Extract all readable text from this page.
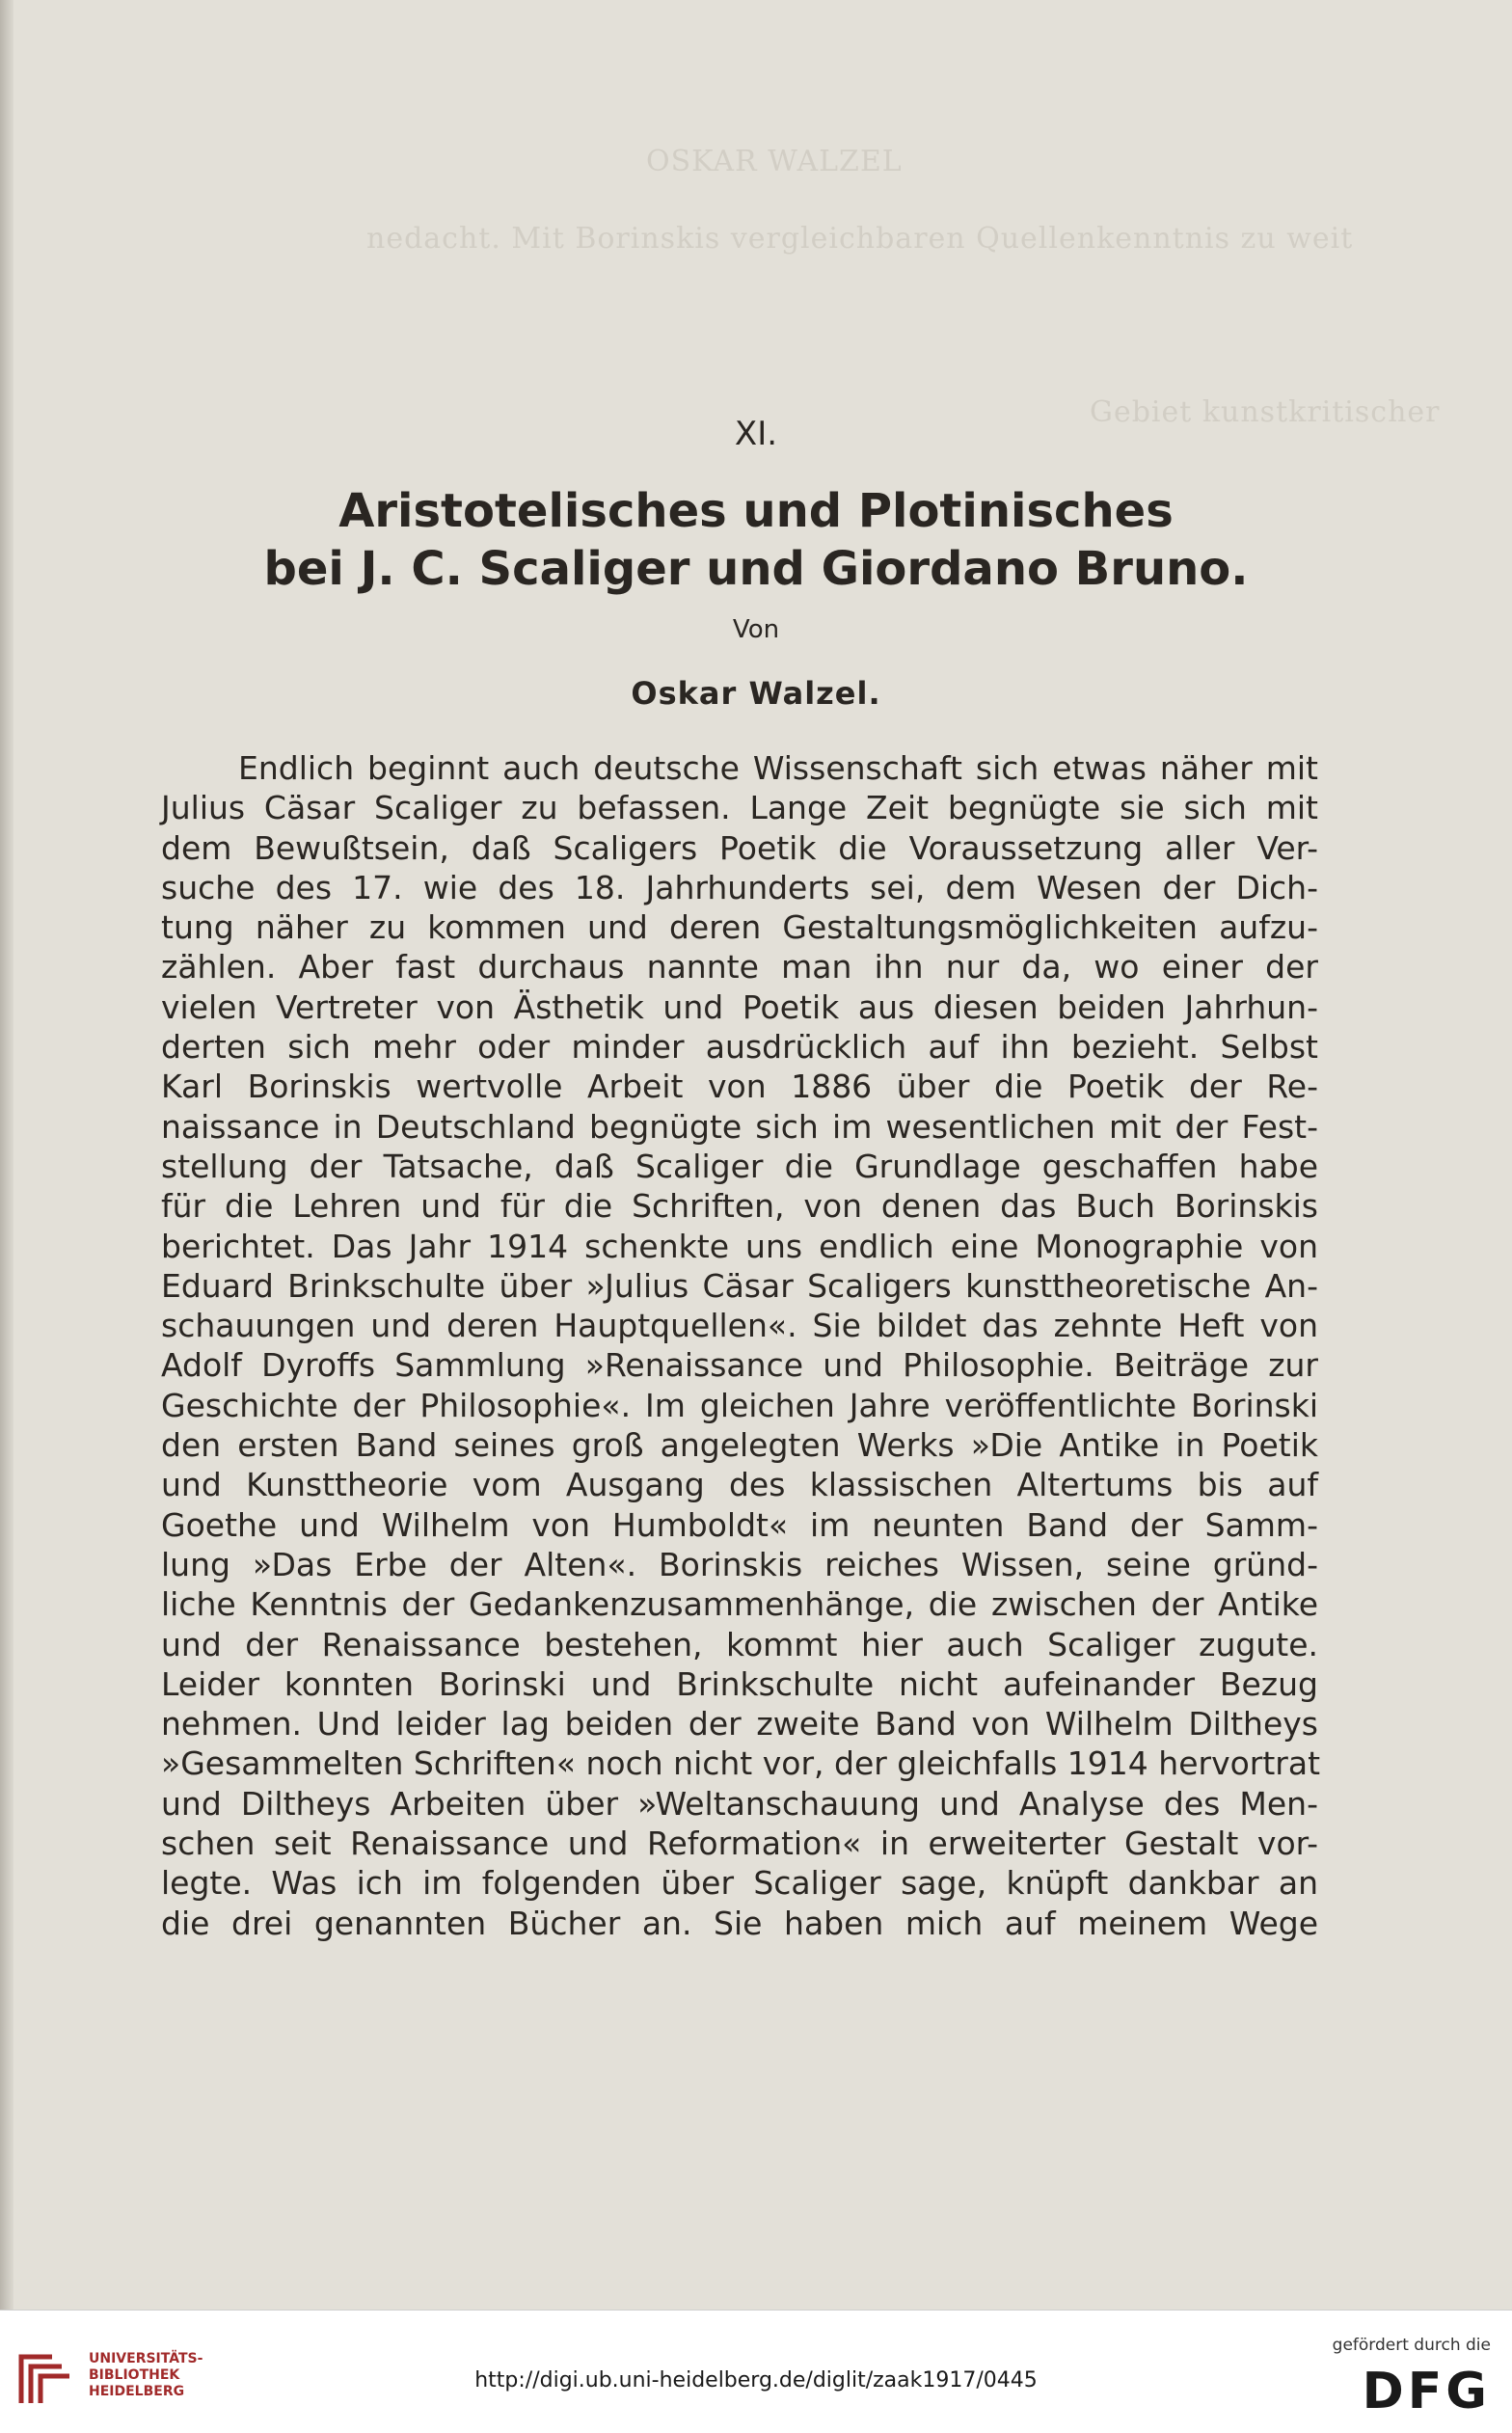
OSKAR WALZEL
nedacht. Mit Borinskis vergleichbaren Quellenkenntnis zu weit
Gebiet kunstkritischer
XI.
Aristotelisches und Plotinisches
bei J. C. Scaliger und Giordano Bruno.
Von
Oskar Walzel.
Endlich beginnt auch deutsche Wissenschaft sich etwas näher mit
Julius Cäsar Scaliger zu befassen. Lange Zeit begnügte sie sich mit
dem Bewußtsein, daß Scaligers Poetik die Voraussetzung aller Ver-
suche des 17. wie des 18. Jahrhunderts sei, dem Wesen der Dich-
tung näher zu kommen und deren Gestaltungsmöglichkeiten aufzu-
zählen. Aber fast durchaus nannte man ihn nur da, wo einer der
vielen Vertreter von Ästhetik und Poetik aus diesen beiden Jahrhun-
derten sich mehr oder minder ausdrücklich auf ihn bezieht. Selbst
Karl Borinskis wertvolle Arbeit von 1886 über die Poetik der Re-
naissance in Deutschland begnügte sich im wesentlichen mit der Fest-
stellung der Tatsache, daß Scaliger die Grundlage geschaffen habe
für die Lehren und für die Schriften, von denen das Buch Borinskis
berichtet. Das Jahr 1914 schenkte uns endlich eine Monographie von
Eduard Brinkschulte über »Julius Cäsar Scaligers kunsttheoretische An-
schauungen und deren Hauptquellen«. Sie bildet das zehnte Heft von
Adolf Dyroffs Sammlung »Renaissance und Philosophie. Beiträge zur
Geschichte der Philosophie«. Im gleichen Jahre veröffentlichte Borinski
den ersten Band seines groß angelegten Werks »Die Antike in Poetik
und Kunsttheorie vom Ausgang des klassischen Altertums bis auf
Goethe und Wilhelm von Humboldt« im neunten Band der Samm-
lung »Das Erbe der Alten«. Borinskis reiches Wissen, seine gründ-
liche Kenntnis der Gedankenzusammenhänge, die zwischen der Antike
und der Renaissance bestehen, kommt hier auch Scaliger zugute.
Leider konnten Borinski und Brinkschulte nicht aufeinander Bezug
nehmen. Und leider lag beiden der zweite Band von Wilhelm Diltheys
»Gesammelten Schriften« noch nicht vor, der gleichfalls 1914 hervortrat
und Diltheys Arbeiten über »Weltanschauung und Analyse des Men-
schen seit Renaissance und Reformation« in erweiterter Gestalt vor-
legte. Was ich im folgenden über Scaliger sage, knüpft dankbar an
die drei genannten Bücher an. Sie haben mich auf meinem Wege
UNIVERSITÄTS-
BIBLIOTHEK
HEIDELBERG	http://digi.ub.uni-heidelberg.de/diglit/zaak1917/0445
gefördert durch die
DFG
